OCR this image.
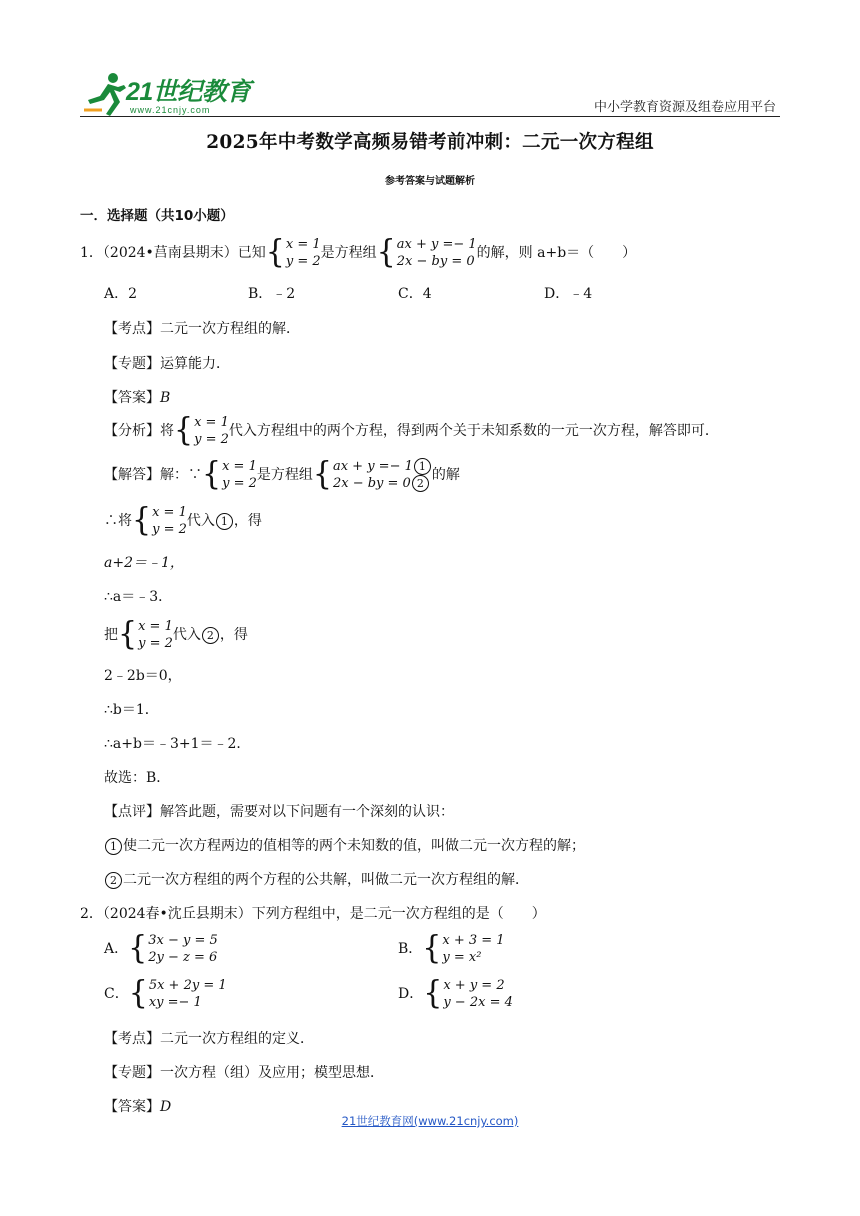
21世纪教育
www.21cnjy.com	中小学教育资源及组卷应用平台
2025年中考数学高频易错考前冲刺：二元一次方程组
参考答案与试题解析
一．选择题（共10小题）
1．（2024•莒南县期末）已知 { x = 1
y = 2
是方程组 { ax + y =− 1
2x − by = 0
的解，则 a+b＝（　　）
A．2	B．﹣2	C．4	D．﹣4
【考点】二元一次方程组的解．
【专题】运算能力．
【答案】B
【分析】将 { x = 1
y = 2
代入方程组中的两个方程，得到两个关于未知系数的一元一次方程，解答即可．
【解答】解：∵ { x = 1
y = 2
是方程组 { ax + y =− 1 1
2x − by = 0 2
的解
∴将 { x = 1
y = 2
代入 1 ，得
a+2＝﹣1，
∴a＝﹣3．
把 { x = 1
y = 2
代入 2 ，得
2﹣2b＝0，
∴b＝1．
∴a+b＝﹣3+1＝﹣2．
故选：B．
【点评】解答此题，需要对以下问题有一个深刻的认识：
1 使二元一次方程两边的值相等的两个未知数的值，叫做二元一次方程的解；
2 二元一次方程组的两个方程的公共解，叫做二元一次方程组的解．
2．（2024春•沈丘县期末）下列方程组中，是二元一次方程组的是（　　）
A． { 3x − y = 5
2y − z = 6
B． { x + 3 = 1
y = x²
C． { 5x + 2y = 1
xy =− 1
D． { x + y = 2
y − 2x = 4
【考点】二元一次方程组的定义．
【专题】一次方程（组）及应用；模型思想．
【答案】D
21世纪教育网(www.21cnjy.com)
